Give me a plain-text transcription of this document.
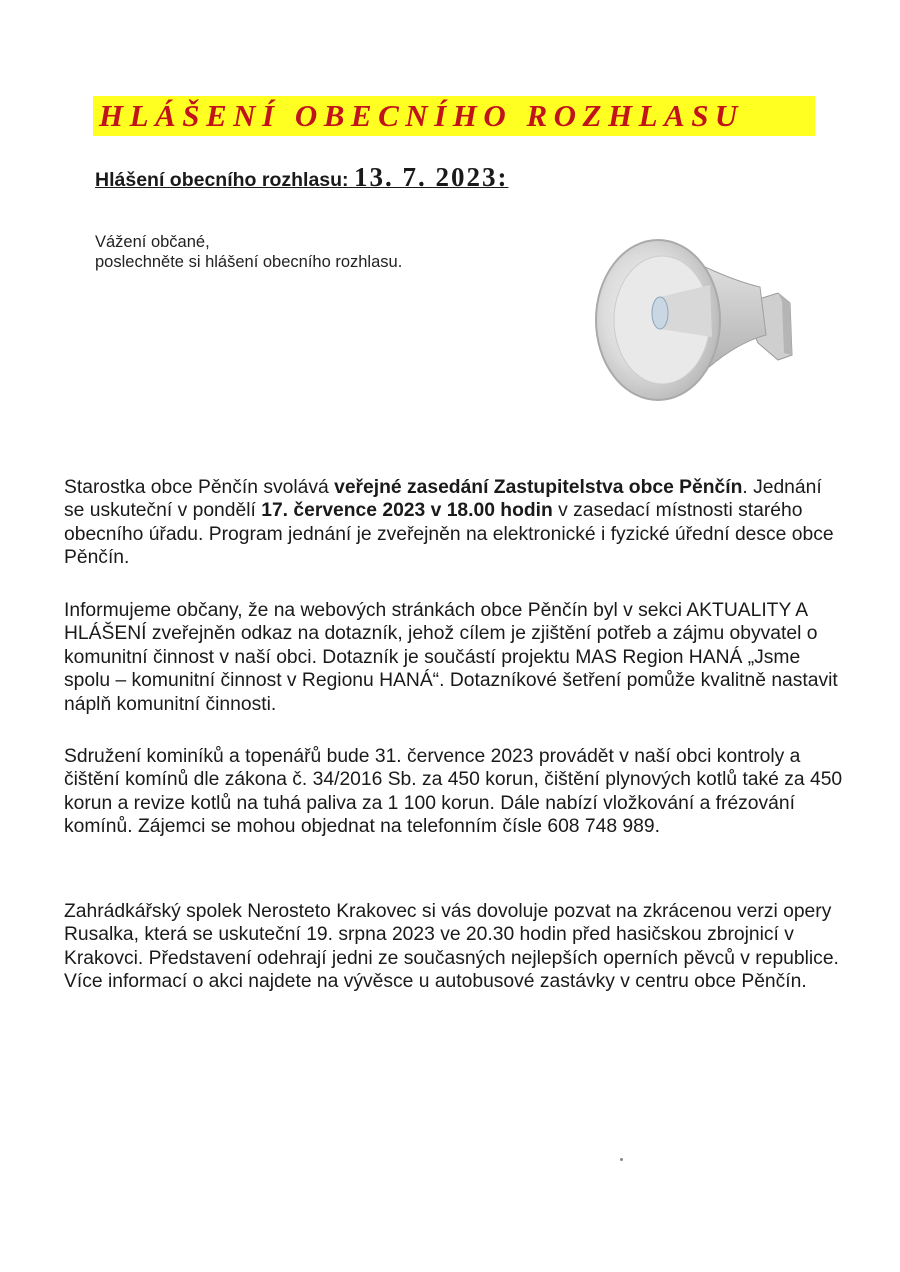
HLÁŠENÍ OBECNÍHO ROZHLASU
Hlášení obecního rozhlasu: 13. 7. 2023:
Vážení občané,
poslechněte si hlášení obecního rozhlasu.
Starostka obce Pěnčín svolává veřejné zasedání Zastupitelstva obce Pěnčín. Jednání se uskuteční v pondělí 17. července 2023 v 18.00 hodin v zasedací místnosti starého obecního úřadu. Program jednání je zveřejněn na elektronické i fyzické úřední desce obce Pěnčín.
Informujeme občany, že na webových stránkách obce Pěnčín byl v sekci AKTUALITY A HLÁŠENÍ zveřejněn odkaz na dotazník, jehož cílem je zjištění potřeb a zájmu obyvatel o komunitní činnost v naší obci. Dotazník je součástí projektu MAS Region HANÁ „Jsme spolu – komunitní činnost v Regionu HANÁ“. Dotazníkové šetření pomůže kvalitně nastavit náplň komunitní činnosti.
Sdružení kominíků a topenářů bude 31. července 2023 provádět v naší obci kontroly a čištění komínů dle zákona č. 34/2016 Sb. za 450 korun, čištění plynových kotlů také za 450 korun a revize kotlů na tuhá paliva za 1 100 korun. Dále nabízí vložkování a frézování komínů. Zájemci se mohou objednat na telefonním čísle 608 748 989.
Zahrádkářský spolek Nerosteto Krakovec si vás dovoluje pozvat na zkrácenou verzi opery Rusalka, která se uskuteční 19. srpna 2023 ve 20.30 hodin před hasičskou zbrojnicí v Krakovci. Představení odehrají jedni ze současných nejlepších operních pěvců v republice. Více informací o akci najdete na vývěsce u autobusové zastávky v centru obce Pěnčín.
